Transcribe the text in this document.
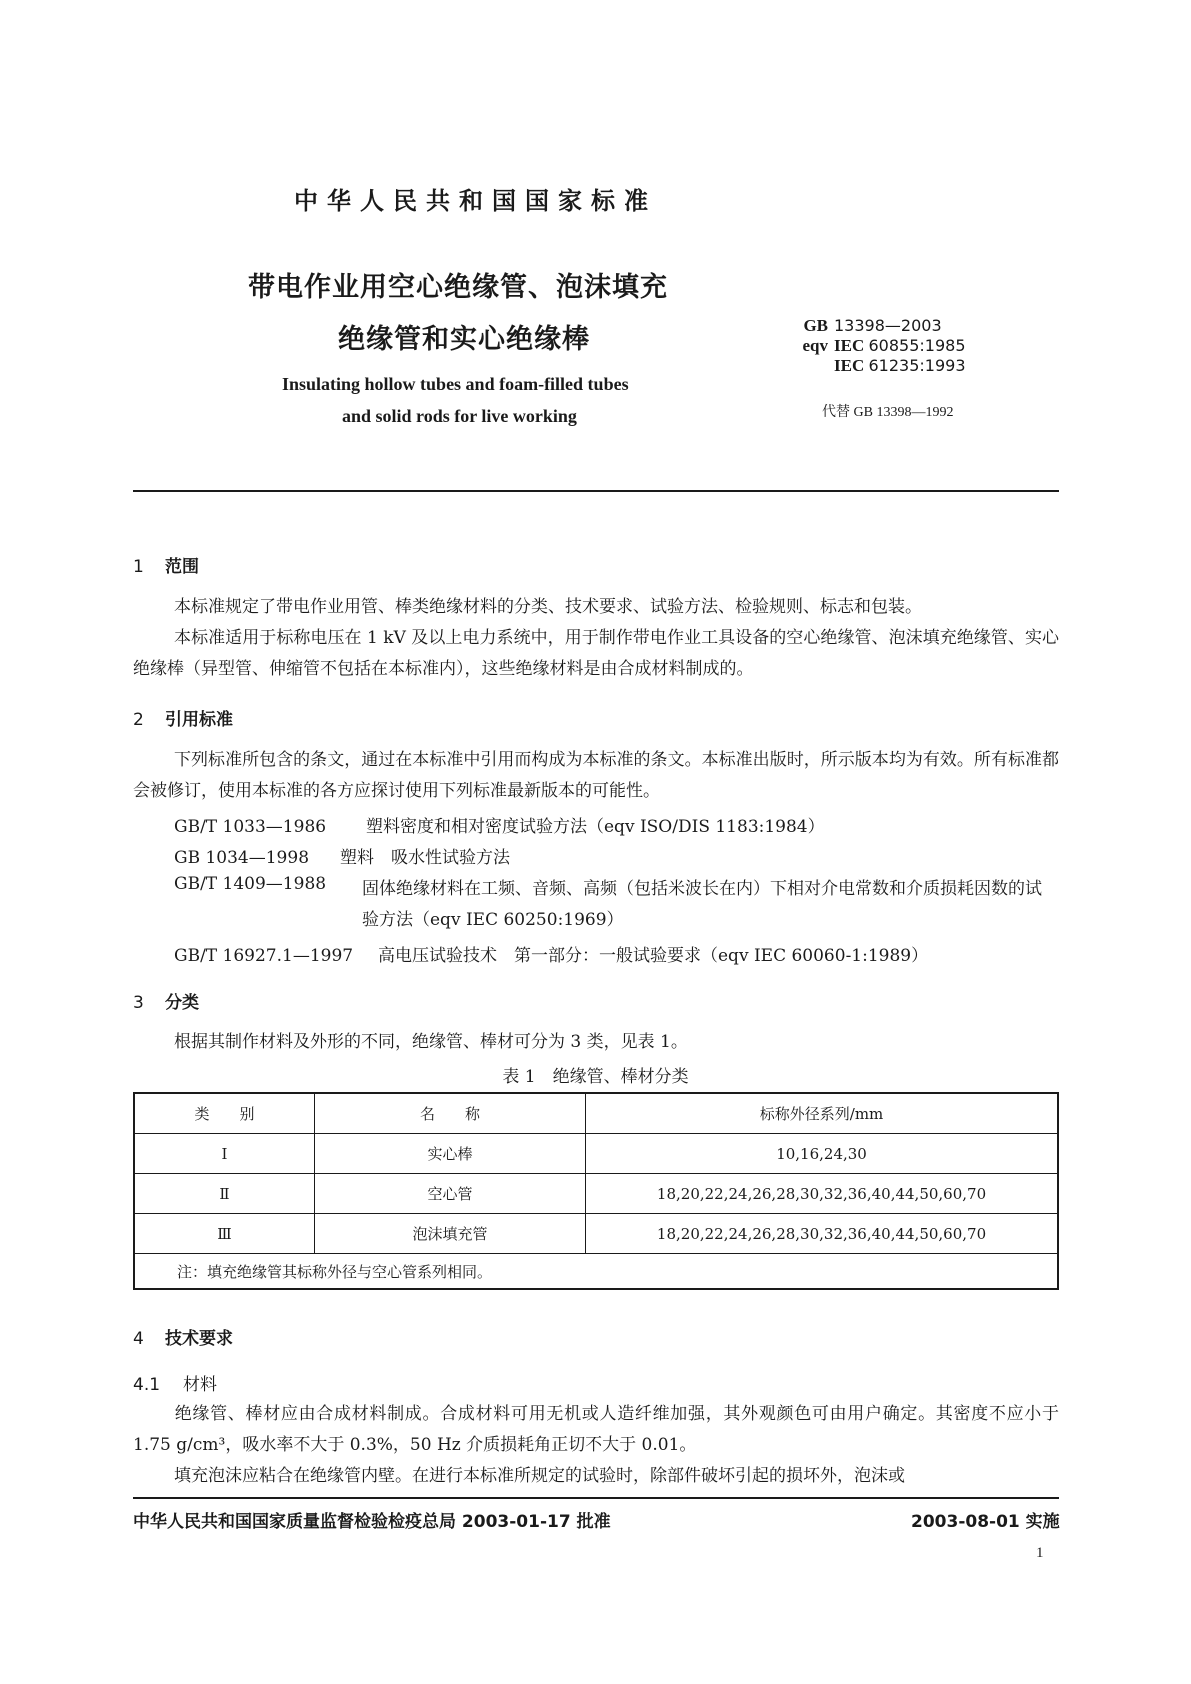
中华人民共和国国家标准
带电作业用空心绝缘管、泡沫填充
绝缘管和实心绝缘棒
Insulating hollow tubes and foam-filled tubes
and solid rods for live working
GB 13398—2003
eqv IEC
60855:1985
IEC
61235:1993
代替 GB 13398—1992
1 范围
本标准规定了带电作业用管、棒类绝缘材料的分类、技术要求、试验方法、检验规则、标志和包装。
本标准适用于标称电压在 1 kV 及以上电力系统中，用于制作带电作业工具设备的空心绝缘管、泡沫填充绝缘管、实心绝缘棒（异型管、伸缩管不包括在本标准内），这些绝缘材料是由合成材料制成的。
2 引用标准
下列标准所包含的条文，通过在本标准中引用而构成为本标准的条文。本标准出版时，所示版本均为有效。所有标准都会被修订，使用本标准的各方应探讨使用下列标准最新版本的可能性。
GB/T 1033—1986 塑料密度和相对密度试验方法（eqv ISO/DIS 1183:1984）
GB 1034—1998 塑料　吸水性试验方法
GB/T 1409—1988 固体绝缘材料在工频、音频、高频（包括米波长在内）下相对介电常数和介质损耗因数的试验方法（eqv IEC 60250:1969）
GB/T 16927.1—1997 高电压试验技术　第一部分：一般试验要求（eqv IEC 60060-1:1989）
3 分类
根据其制作材料及外形的不同，绝缘管、棒材可分为 3 类，见表 1。
表 1　绝缘管、棒材分类
类　　别	名　　称	标称外径系列/mm
Ⅰ	实心棒	10,16,24,30
Ⅱ	空心管	18,20,22,24,26,28,30,32,36,40,44,50,60,70
Ⅲ	泡沫填充管	18,20,22,24,26,28,30,32,36,40,44,50,60,70
注：填充绝缘管其标称外径与空心管系列相同。		
4 技术要求
4.1 材料
绝缘管、棒材应由合成材料制成。合成材料可用无机或人造纤维加强，其外观颜色可由用户确定。其密度不应小于 1.75 g/cm³，吸水率不大于 0.3%，50 Hz 介质损耗角正切不大于 0.01。
填充泡沫应粘合在绝缘管内壁。在进行本标准所规定的试验时，除部件破坏引起的损坏外，泡沫或
中华人民共和国国家质量监督检验检疫总局 2003-01-17 批准	2003-08-01 实施
1
